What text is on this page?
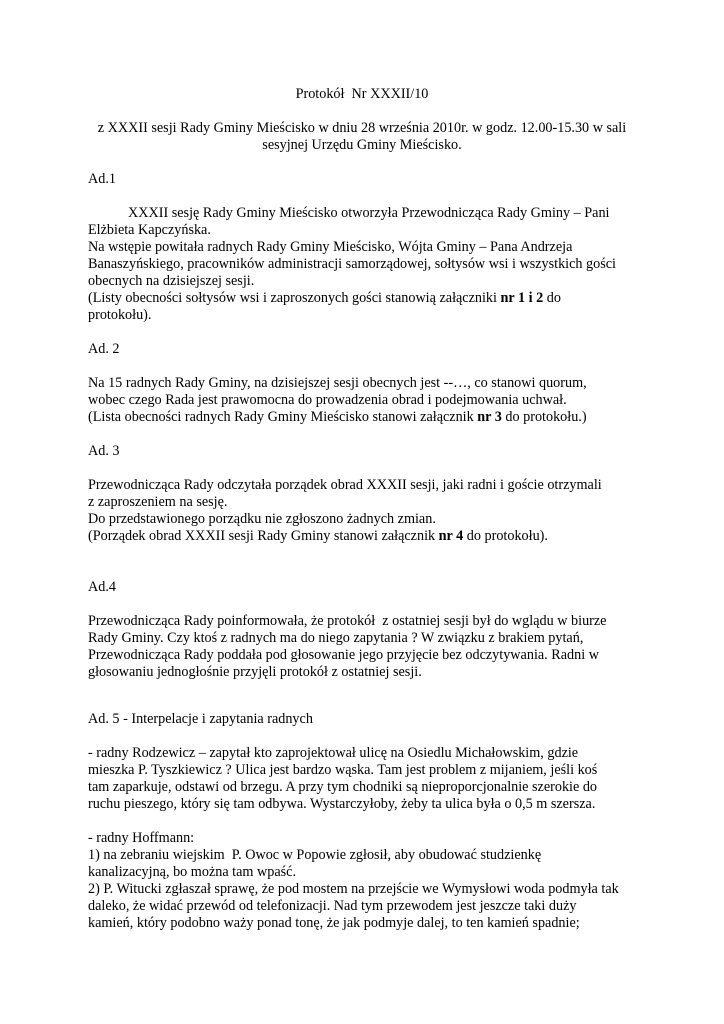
Protokół  Nr XXXII/10
z XXXII sesji Rady Gminy Mieścisko w dniu 28 września 2010r. w godz. 12.00-15.30 w sali
sesyjnej Urzędu Gminy Mieścisko.
Ad.1
XXXII sesję Rady Gminy Mieścisko otworzyła Przewodnicząca Rady Gminy – Pani
Elżbieta Kapczyńska.
Na wstępie powitała radnych Rady Gminy Mieścisko, Wójta Gminy – Pana Andrzeja
Banaszyńskiego, pracowników administracji samorządowej, sołtysów wsi i wszystkich gości
obecnych na dzisiejszej sesji.
(Listy obecności sołtysów wsi i zaproszonych gości stanowią załączniki nr 1 i 2 do
protokołu).
Ad. 2
Na 15 radnych Rady Gminy, na dzisiejszej sesji obecnych jest --…, co stanowi quorum,
wobec czego Rada jest prawomocna do prowadzenia obrad i podejmowania uchwał.
(Lista obecności radnych Rady Gminy Mieścisko stanowi załącznik nr 3 do protokołu.)
Ad. 3
Przewodnicząca Rady odczytała porządek obrad XXXII sesji, jaki radni i goście otrzymali
z zaproszeniem na sesję.
Do przedstawionego porządku nie zgłoszono żadnych zmian.
(Porządek obrad XXXII sesji Rady Gminy stanowi załącznik nr 4 do protokołu).
Ad.4
Przewodnicząca Rady poinformowała, że protokół  z ostatniej sesji był do wglądu w biurze
Rady Gminy. Czy ktoś z radnych ma do niego zapytania ? W związku z brakiem pytań,
Przewodnicząca Rady poddała pod głosowanie jego przyjęcie bez odczytywania. Radni w
głosowaniu jednogłośnie przyjęli protokół z ostatniej sesji.
Ad. 5 - Interpelacje i zapytania radnych
- radny Rodzewicz – zapytał kto zaprojektował ulicę na Osiedlu Michałowskim, gdzie
mieszka P. Tyszkiewicz ? Ulica jest bardzo wąska. Tam jest problem z mijaniem, jeśli koś
tam zaparkuje, odstawi od brzegu. A przy tym chodniki są nieproporcjonalnie szerokie do
ruchu pieszego, który się tam odbywa. Wystarczyłoby, żeby ta ulica była o 0,5 m szersza.
- radny Hoffmann:
1) na zebraniu wiejskim  P. Owoc w Popowie zgłosił, aby obudować studzienkę
kanalizacyjną, bo można tam wpaść.
2) P. Witucki zgłaszał sprawę, że pod mostem na przejście we Wymysłowi woda podmyła tak
daleko, że widać przewód od telefonizacji. Nad tym przewodem jest jeszcze taki duży
kamień, który podobno waży ponad tonę, że jak podmyje dalej, to ten kamień spadnie;
